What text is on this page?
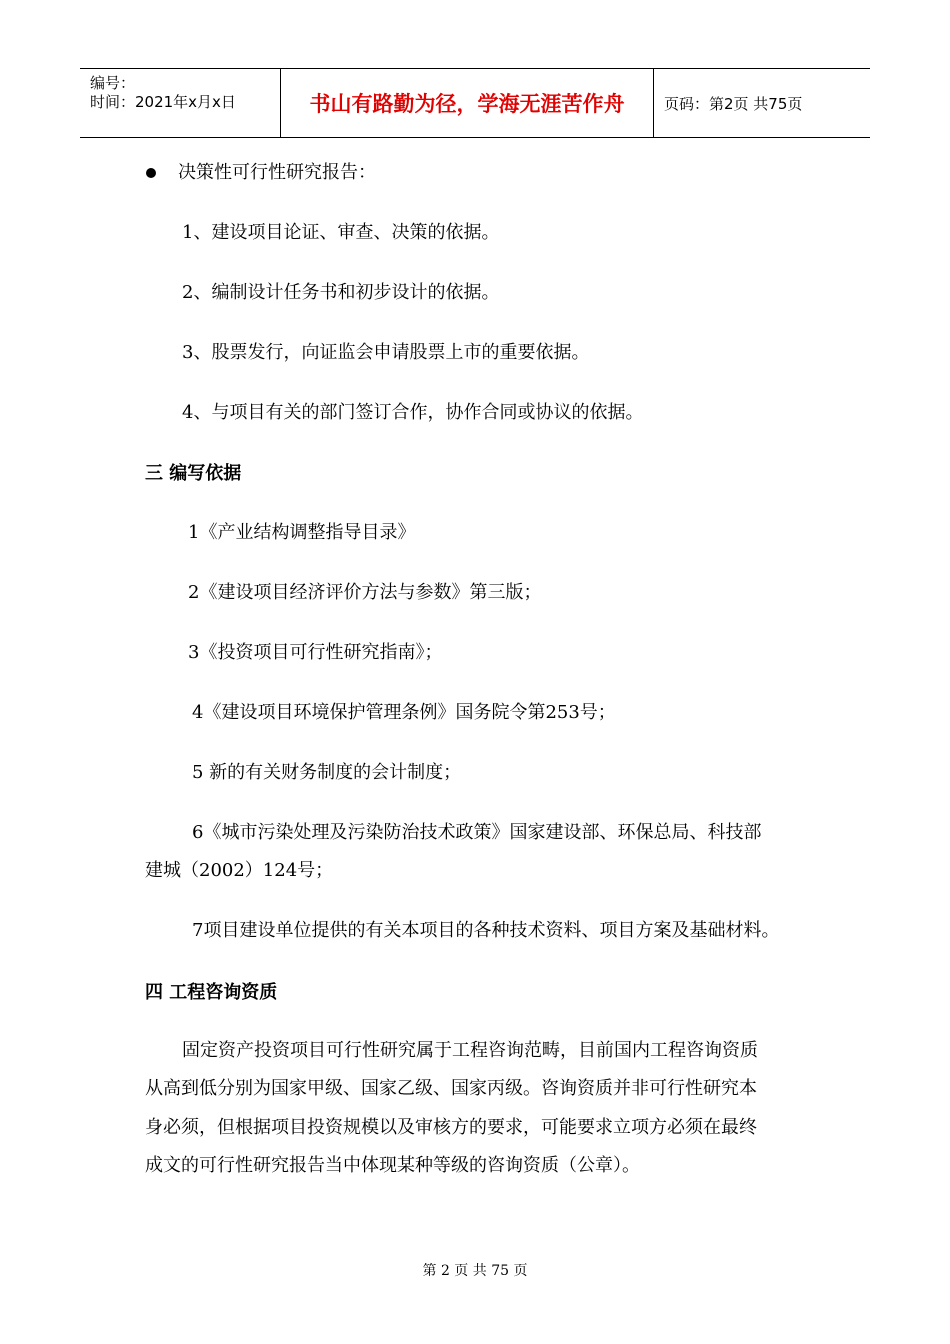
编号：
时间：2021年x月x日	书山有路勤为径，学海无涯苦作舟	页码：第2页 共75页
决策性可行性研究报告：
1、建设项目论证、审查、决策的依据。
2、编制设计任务书和初步设计的依据。
3、股票发行，向证监会申请股票上市的重要依据。
4、与项目有关的部门签订合作，协作合同或协议的依据。
三 编写依据
1《产业结构调整指导目录》
2《建设项目经济评价方法与参数》第三版；
3《投资项目可行性研究指南》；
4《建设项目环境保护管理条例》国务院令第253号；
5 新的有关财务制度的会计制度；
6《城市污染处理及污染防治技术政策》国家建设部、环保总局、科技部
建城（2002）124号；
7项目建设单位提供的有关本项目的各种技术资料、项目方案及基础材料。
四 工程咨询资质
固定资产投资项目可行性研究属于工程咨询范畴，目前国内工程咨询资质
从高到低分别为国家甲级、国家乙级、国家丙级。咨询资质并非可行性研究本
身必须，但根据项目投资规模以及审核方的要求，可能要求立项方必须在最终
成文的可行性研究报告当中体现某种等级的咨询资质（公章）。
第 2 页 共 75 页
